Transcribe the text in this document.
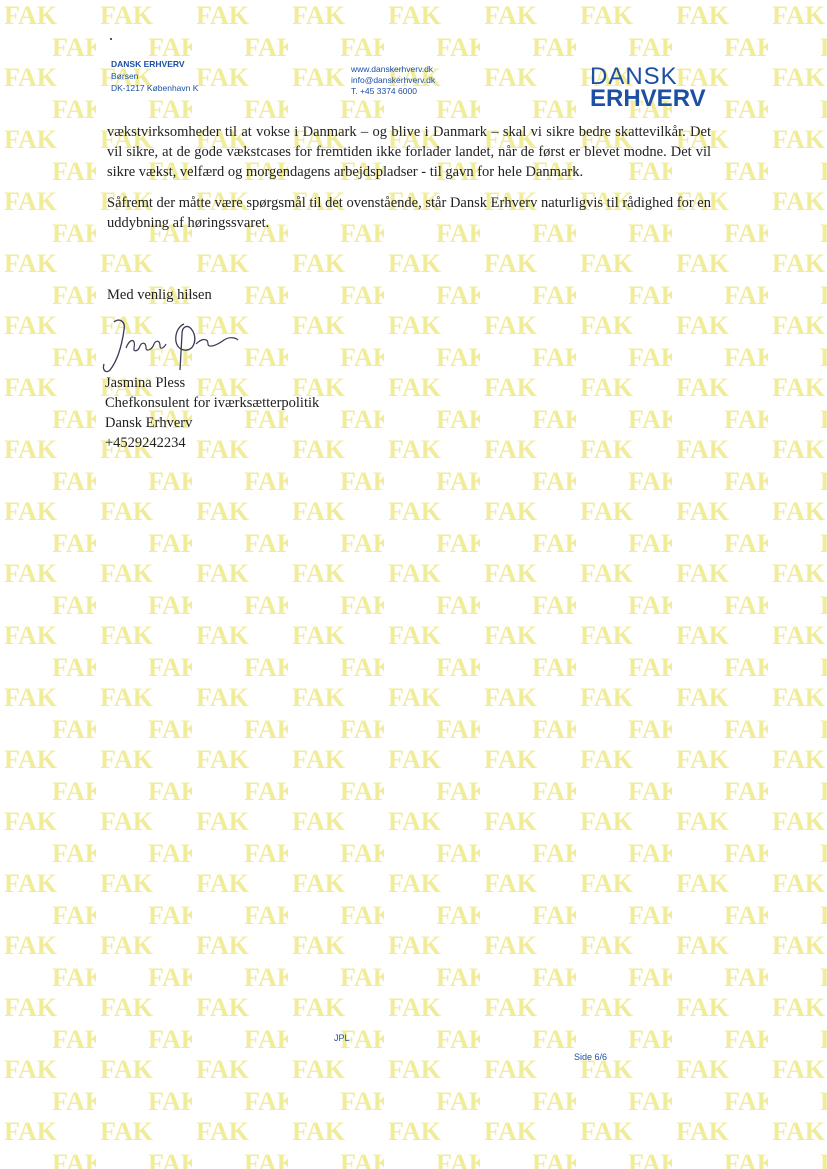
DANSK ERHVERV
Børsen
DK-1217 København K
www.danskerhverv.dk
info@danskerhverv.dk
T. +45 3374 6000
DANSK
ERHVERV

vækstvirksomheder til at vokse i Danmark – og blive i Danmark – skal vi sikre bedre skattevilkår. Det vil sikre, at de gode vækstcases for fremtiden ikke forlader landet, når de først er blevet modne. Det vil sikre vækst, velfærd og morgendagens arbejdspladser - til gavn for hele Danmark.

Såfremt der måtte være spørgsmål til det ovenstående, står Dansk Erhverv naturligvis til rådighed for en uddybning af høringssvaret.

Med venlig hilsen
Jasmina Pless
Chefkonsulent for iværksætterpolitik
Dansk Erhverv
+4529242234
JPL
Side 6/6
